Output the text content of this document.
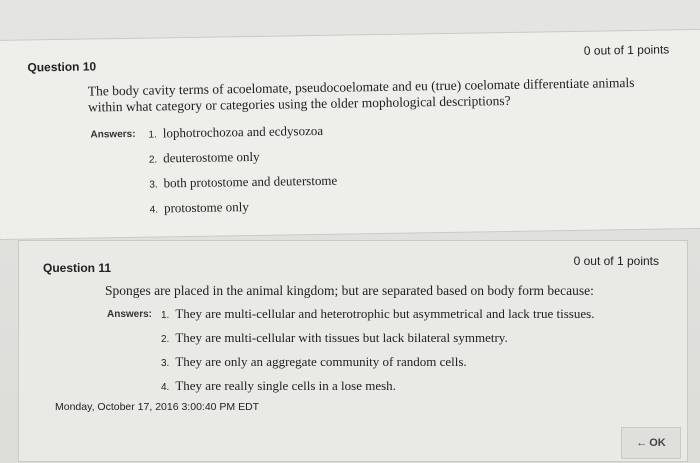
Question 10
0 out of 1 points
The body cavity terms of acoelomate, pseudocoelomate and eu (true) coelomate differentiate animals within what category or categories using the older mophological descriptions?
Answers: 1. lophotrochozoa and ecdysozoa
2. deuterostome only
3. both protostome and deuterstome
4. protostome only
Question 11	0 out of 1 points
Sponges are placed in the animal kingdom; but are separated based on body form because:
Answers: 1. They are multi-cellular and heterotrophic but asymmetrical and lack true tissues.
2. They are multi-cellular with tissues but lack bilateral symmetry.
3. They are only an aggregate community of random cells.
4. They are really single cells in a lose mesh.
Monday, October 17, 2016 3:00:40 PM EDT
← OK
